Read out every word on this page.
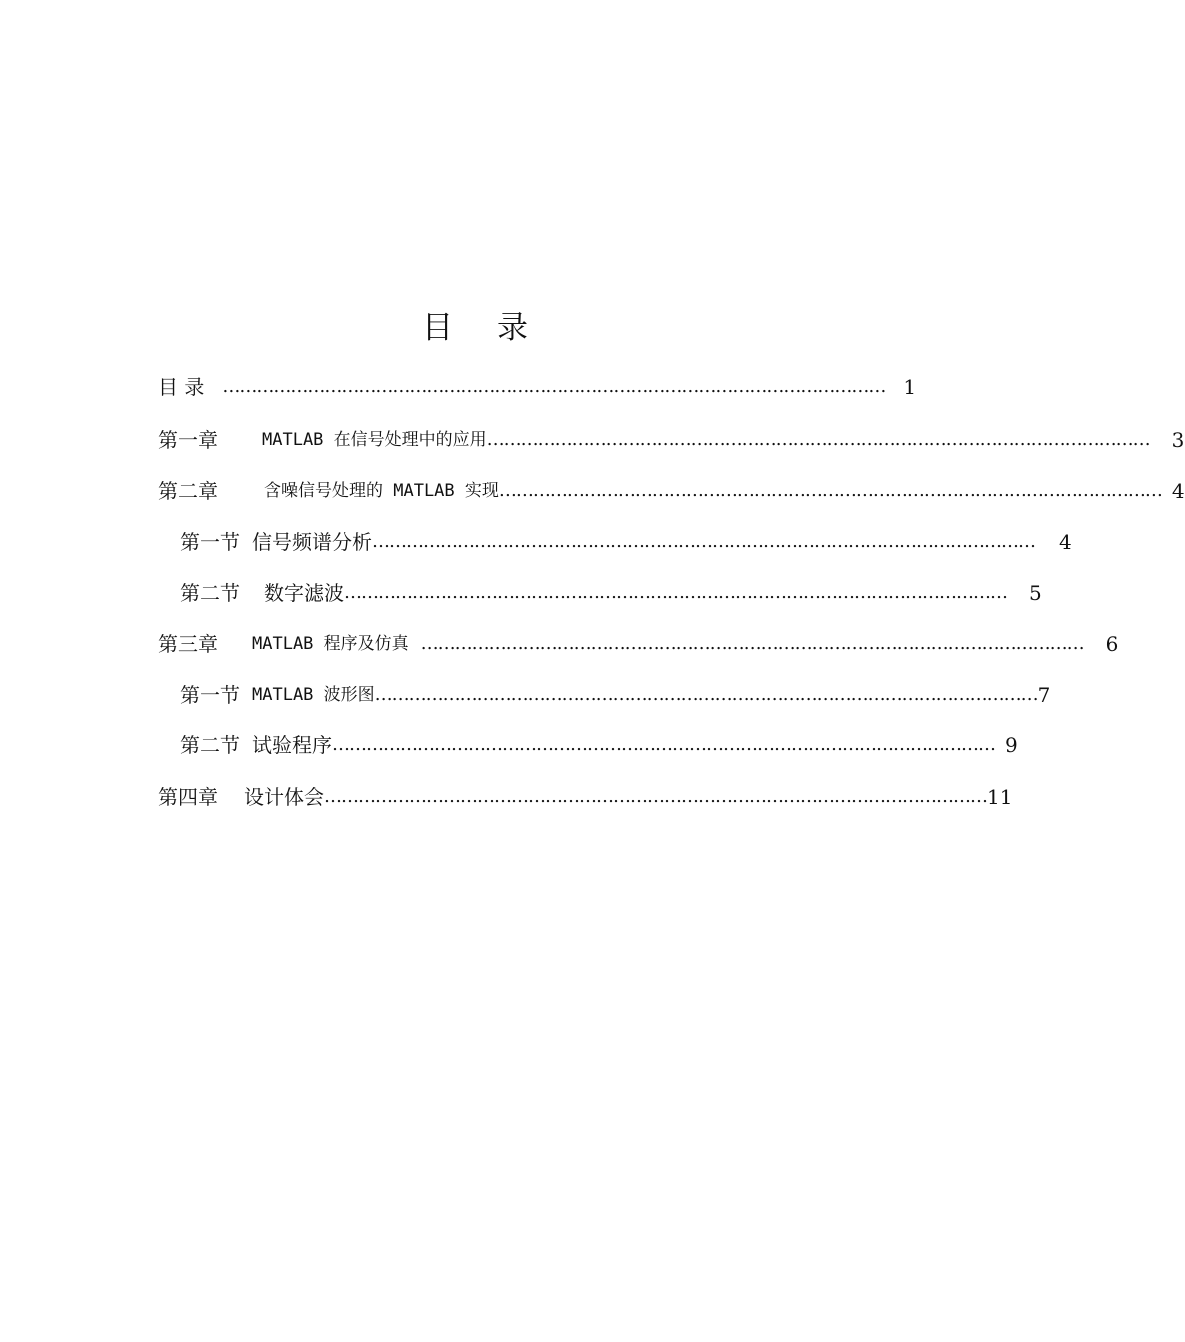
目 录
目 录 ……………………………………………………………………………………………………… 1
第一章	MATLAB 在信号处理中的应用 ……………………………………………………………………………………………………… 3
第二章	含噪信号处理的 MATLAB 实现 ……………………………………………………………………………………………………… 4
第一节 信号频谱分析 ……………………………………………………………………………………………………… 4
第二节 数字滤波 ……………………………………………………………………………………………………… 5
第三章 MATLAB 程序及仿真 ……………………………………………………………………………………………………… 6
第一节 MATLAB 波形图 ……………………………………………………………………………………………………… 7
第二节 试验程序 ……………………………………………………………………………………………………… 9
第四章 设计体会 ……………………………………………………………………………………………………… 11
